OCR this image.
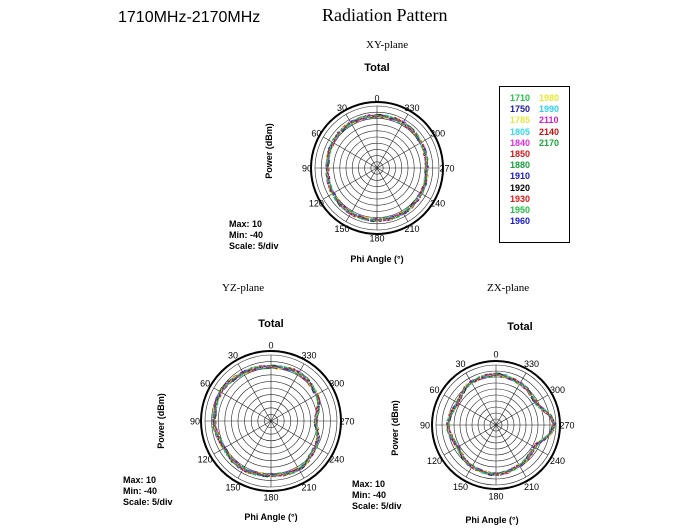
1710MHz-2170MHz	Radiation Pattern
XY-plane
YZ-plane	ZX-plane
0
330
300
270
240
210
180
150
120
90
60
30
Total
Phi Angle (°)
Power (dBm)
0
330
300
270
240
210
180
150
120
90
60
30
Total
Phi Angle (°)
Power (dBm)
0
330
300
270
240
210
180
150
120
90
60
30
Total
Phi Angle (°)
Power (dBm)
Max: 10
Min: -40
Scale: 5/div
Max: 10
Min: -40
Scale: 5/div
Max: 10
Min: -40
Scale: 5/div
1710
1750
1785
1805
1840
1850
1880
1910
1920
1930
1950
1960
1980
1990
2110
2140
2170
